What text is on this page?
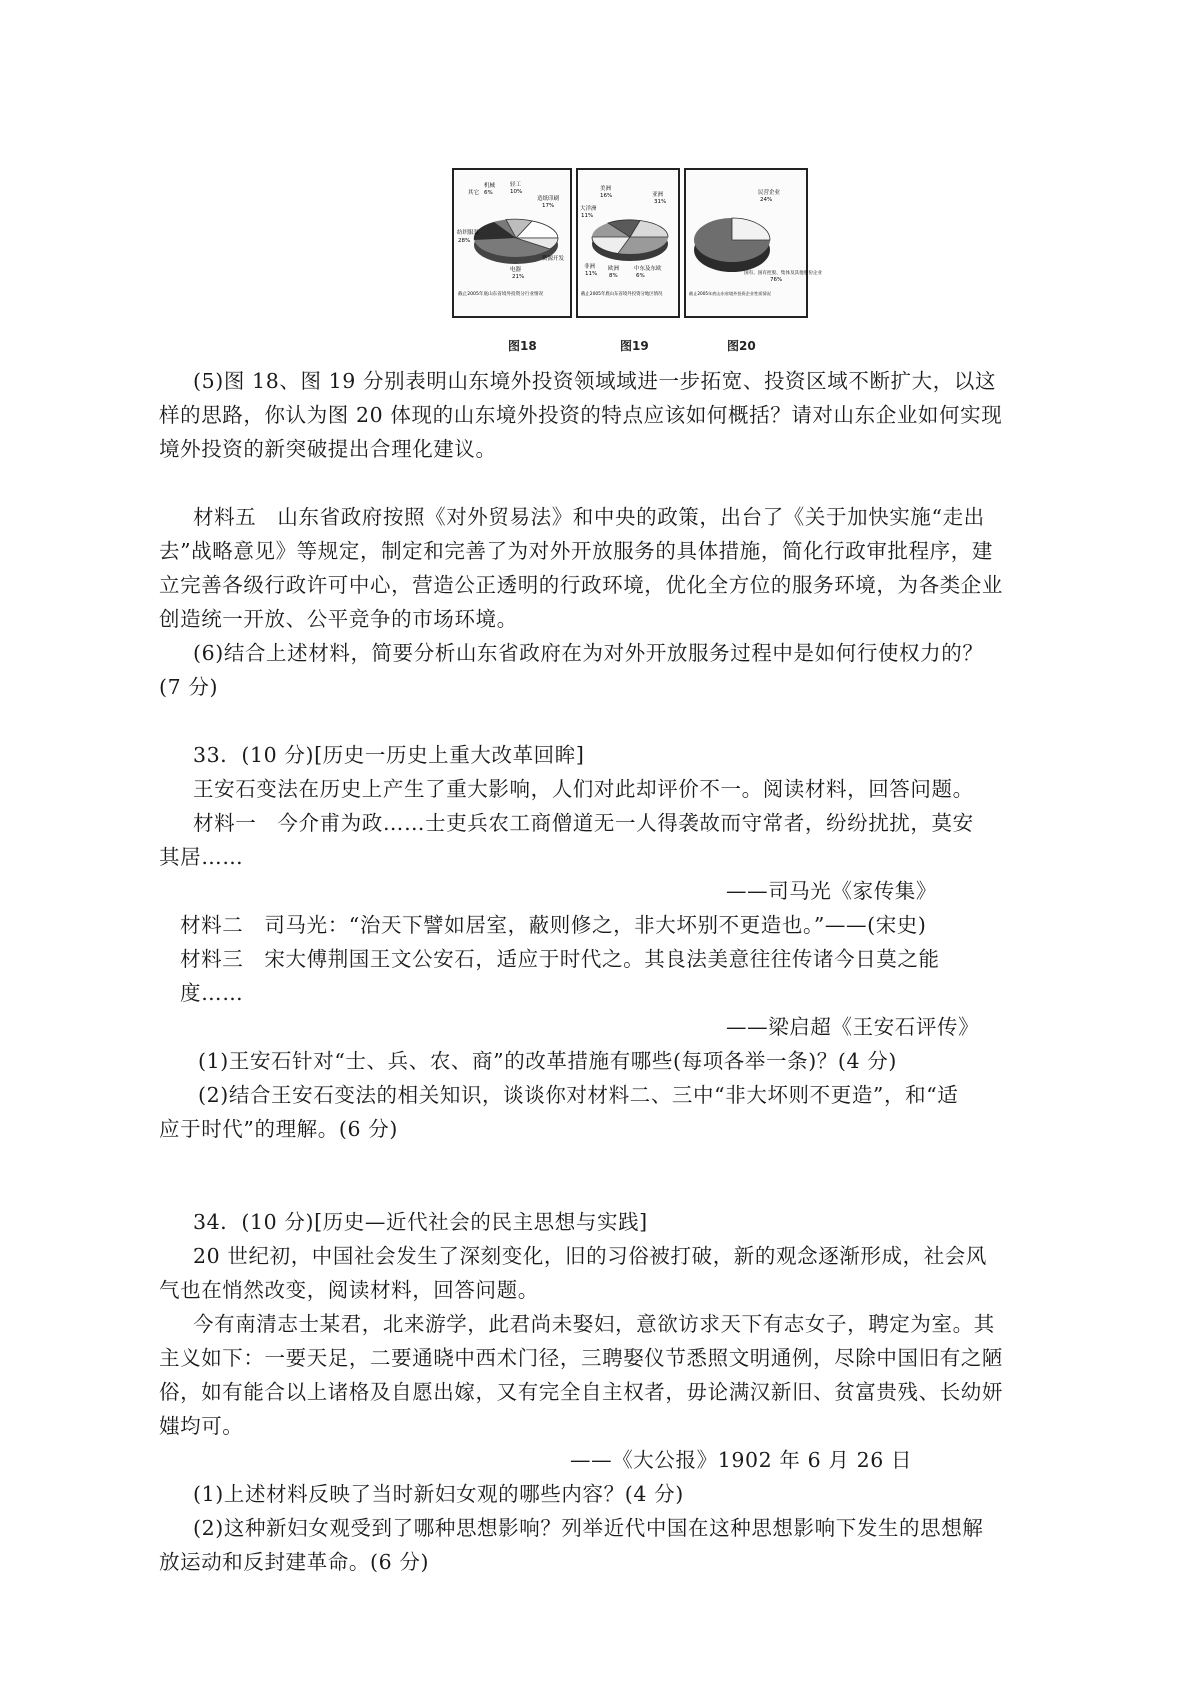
其它
机械	轻工
造纸印刷
纺织服装
电器
资源开发
6%	10%
17%
28%
21%
截止2005年底山东省境外投资分行业情况
美洲
亚洲
大洋洲
非洲 欧洲	中东及东欧
16%
31%
11%
11% 8%	6%
截止2005年底山东省境外投资分地区情况
民营企业
24%
国有、国有控股、集体及其他股份企业
76%
截止2005年底山东省境外投资企业性质情况
图18	图19	图20
(5)图 18、图 19 分别表明山东境外投资领域域进一步拓宽、投资区域不断扩大，以这
样的思路，你认为图 20 体现的山东境外投资的特点应该如何概括？请对山东企业如何实现
境外投资的新突破提出合理化建议。
材料五　山东省政府按照《对外贸易法》和中央的政策，出台了《关于加快实施“走出
去”战略意见》等规定，制定和完善了为对外开放服务的具体措施，简化行政审批程序，建
立完善各级行政许可中心，营造公正透明的行政环境，优化全方位的服务环境，为各类企业
创造统一开放、公平竞争的市场环境。
(6)结合上述材料，简要分析山东省政府在为对外开放服务过程中是如何行使权力的？
(7 分)
33．(10 分)[历史一历史上重大改革回眸]
王安石变法在历史上产生了重大影响，人们对此却评价不一。阅读材料，回答问题。
材料一　今介甫为政……士吏兵农工商僧道无一人得袭故而守常者，纷纷扰扰，莫安
其居……
——司马光《家传集》
材料二　司马光：“治天下譬如居室，蔽则修之，非大坏别不更造也。”——(宋史)
材料三　宋大傅荆国王文公安石，适应于时代之。其良法美意往往传诸今日莫之能
度……
——梁启超《王安石评传》
(1)王安石针对“士、兵、农、商”的改革措施有哪些(每项各举一条)？(4 分)
(2)结合王安石变法的相关知识，谈谈你对材料二、三中“非大坏则不更造”，和“适
应于时代”的理解。(6 分)
34．(10 分)[历史—近代社会的民主思想与实践]
20 世纪初，中国社会发生了深刻变化，旧的习俗被打破，新的观念逐渐形成，社会风
气也在悄然改变，阅读材料，回答问题。
今有南清志士某君，北来游学，此君尚未娶妇，意欲访求天下有志女子，聘定为室。其
主义如下：一要天足，二要通晓中西术门径，三聘娶仪节悉照文明通例，尽除中国旧有之陋
俗，如有能合以上诸格及自愿出嫁，又有完全自主权者，毋论满汉新旧、贫富贵残、长幼妍
媸均可。
——《大公报》1902 年 6 月 26 日
(1)上述材料反映了当时新妇女观的哪些内容？(4 分)
(2)这种新妇女观受到了哪种思想影响？列举近代中国在这种思想影响下发生的思想解
放运动和反封建革命。(6 分)
